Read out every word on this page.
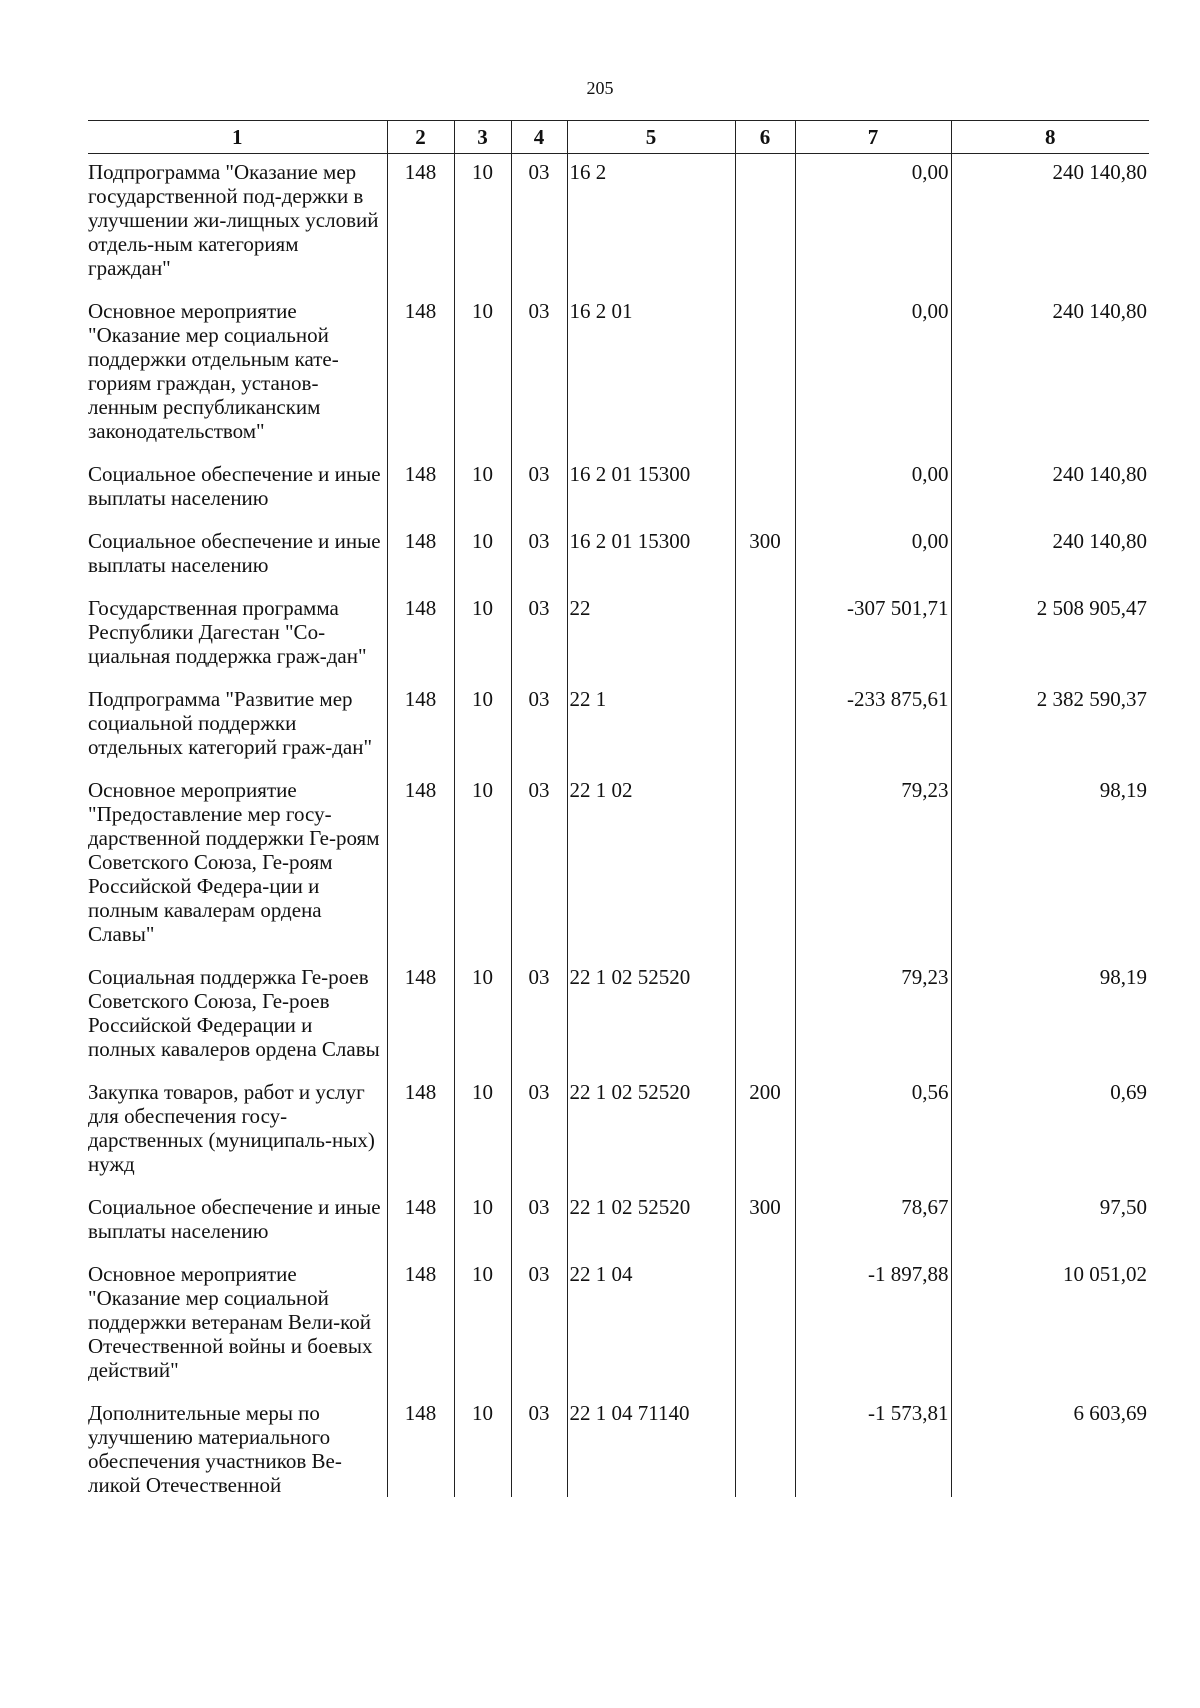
205
1	2	3	4	5	6	7	8
Подпрограмма "Оказание мер государственной под-держки в улучшении жи-лищных условий отдель-ным категориям граждан"	148	10	03	16 2		0,00	240 140,80
Основное мероприятие "Оказание мер социальной поддержки отдельным кате-гориям граждан, установ-ленным республиканским законодательством"	148	10	03	16 2 01		0,00	240 140,80
Социальное обеспечение и иные выплаты населению	148	10	03	16 2 01 15300		0,00	240 140,80
Социальное обеспечение и иные выплаты населению	148	10	03	16 2 01 15300	300	0,00	240 140,80
Государственная программа Республики Дагестан "Со-циальная поддержка граж-дан"	148	10	03	22		-307 501,71	2 508 905,47
Подпрограмма "Развитие мер социальной поддержки отдельных категорий граж-дан"	148	10	03	22 1		-233 875,61	2 382 590,37
Основное мероприятие "Предоставление мер госу-дарственной поддержки Ге-роям Советского Союза, Ге-роям Российской Федера-ции и полным кавалерам ордена Славы"	148	10	03	22 1 02		79,23	98,19
Социальная поддержка Ге-роев Советского Союза, Ге-роев Российской Федерации и полных кавалеров ордена Славы	148	10	03	22 1 02 52520		79,23	98,19
Закупка товаров, работ и услуг для обеспечения госу-дарственных (муниципаль-ных) нужд	148	10	03	22 1 02 52520	200	0,56	0,69
Социальное обеспечение и иные выплаты населению	148	10	03	22 1 02 52520	300	78,67	97,50
Основное мероприятие "Оказание мер социальной поддержки ветеранам Вели-кой Отечественной войны и боевых действий"	148	10	03	22 1 04		-1 897,88	10 051,02
Дополнительные меры по улучшению материального обеспечения участников Ве-ликой Отечественной	148	10	03	22 1 04 71140		-1 573,81	6 603,69
